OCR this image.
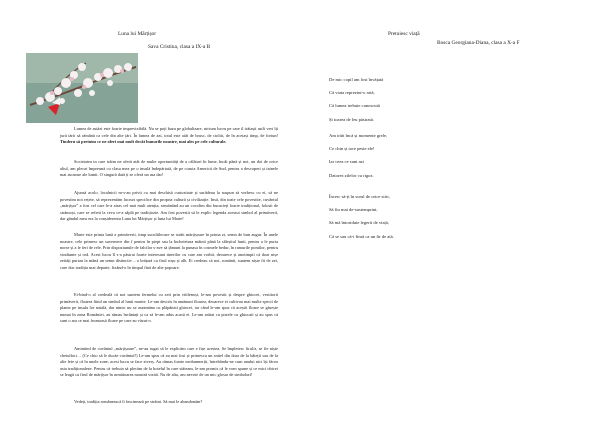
Luna lui Mărțișor
Sava Cristina, clasa a IX-a B

Lumea de astăzi este foarte imprevizibilă. Nu se poți baza pe globalizare, nicium lucru pe care il trăiaști astfi veri îți jură tării să rămână ca cele din alte țări. În lumea de azi, totul este atât de brusc, de cioliit, de în aceiași timp, de fortun! Tinderu să pretuim ce ne oferi mai mult decât bunurile noastre, mai ales pe cele culturale.

Societatea in care trăim ne oferă atât de multe oportunități de a călători în lume, încât până și noi, un doi de orice altul, am plecat împreună cu clasa mea pe o insulă îndepărtată, de pe coasta Americii de Sud, pentru a descoperi și tainele mai ascunse ale lumii. O singură dată ți se oferă un asa dar!

Ajunsă acolo, localnicii m-s-au privit cu mai deschisă curiozitate și surâdeau la suspun să vorbesc cu ei, să ne povestim noi rețete, să reprezentăm lucruri specifice din propria cultură și civilizație. Insă, din toate cele povestite, cuvântul „mărțișor” a fost cel care le-a atras cel mai mult atenția, semănând au un cocolim din bucurieți foarte tradițional, folosit de strămoși, care se referă la ceva ce-a sâplă pe tradițiozie. Am fost povestit să le explic legenda acestui simbol al primăverii, dar gândul meu era la conșiderentu Luna lui Mărțișor și luna lui Marte!

Marte este prima lună a primăverii, timp suculiilecare se străit mărțișoare în prima zi, semn de bun augur. În unele noastre, cele primesc un suvernece din f pentru în piept sau la încheietura mâinii până la sfârșitul lunii, pentru a le purta norse și a le feri de rele. Prin dispoziunule de falcilor s-ave să țâmuni la punasa în cosmele bedur, în ramurile pomilor, pentru vindiunte și rod. Acest lucru îl s-a păstrat foarte interesant tinerilor cu care am vorbit, deoarece și anotimpii că doar nișe zeități purtau la mână un semn distinctiv – o brățară cu firul roșu și alb. Ei credeau că noi, românii, suntem niște fii de zei, care duc tradiția mai departe, fixând-o în timpul fără de alte popoare.

Ei-bind-o al credeală că noi suntem fermelui cu zeii prin vitilenoși, le-am povestit și despre ghiocei, vestitorii primăverii, floarea fiind un simbol al lunii martie. Le-am descris în amănunt floarea, deoarece ei cultivau mai multe specii de plante pe insula lor natală, dar nimic nu se aseamăna cu plăpânzii ghiocei, iar când le-am spus că aceștii floare se găsește numai în zona României, au rămas încântați și ca să le-am adus acasă ei. Le-am arătat cu pozele cu ghiocaii și au spus că sunt o ara ce mai frumoasă floare pe care au văzut-o.

Amintind de cuvântul „mărțișoare”, ne-au rugat să le explicăm care e fișe acestea. Se împletesc firul/a, se fie niște cheiulfori… (Ce chto să le ducăe cuvântul!) Le-am spus că au mai fost și primescu un snitel din doar de la bâieții sau de la alte fete și că în unele zone, acest lucru se face ziverș. Au rămas foarte neobunnerții, întrebându-ne cum anului nici își făcea asta tradiționaleze. Pentru că trebuia să plecăm de la hotelul în care stăteam, le-am promis că le vom spune și ce mici obicei se leagă cu firul de mărțișor în următoarea noastră vizită. Nu de alta, aru nevoie de un mic glosar de simboluri!

Vedeți, tradiția românească îi fascinează pe străini. Să mai le abandonăm?

Pretuiesc viață
Bosca Georgiana-Diana, clasa a X-a F
De mic copil am fost învățată
Că viata reprezint-o artă,
Că lumea trebuie cunoscută
Și toarea de leu păstrată.
Am trăit încă și momente grele,
Ce chin și tace peste ele!
Iar ceea ce sunt azi
Datorez zilelor cu rigoz.
Încerc să-ți în sorul de orice stiri,
Să fiu mai de-sustemprint,
Să mă întoriduie legerii de viață,
Că se sau că-i finră ca un fir de ată.
